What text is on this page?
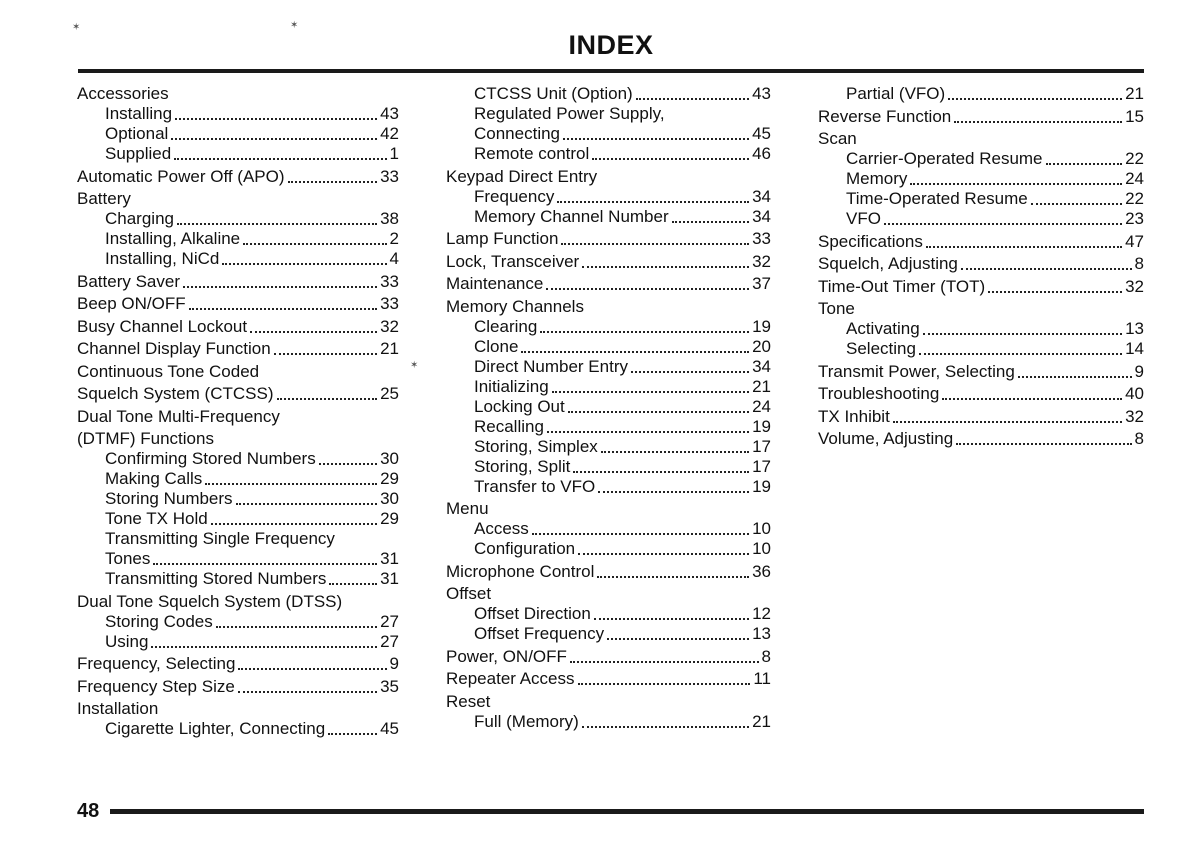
INDEX
Accessories
Installing	43
Optional	42
Supplied	1
Automatic Power Off (APO)	33
Battery
Charging	38
Installing, Alkaline	2
Installing, NiCd	4
Battery Saver	33
Beep ON/OFF	33
Busy Channel Lockout	32
Channel Display Function	21
Continuous Tone Coded
Squelch System (CTCSS)	25
Dual Tone Multi-Frequency
(DTMF) Functions
Confirming Stored Numbers	30
Making Calls	29
Storing Numbers	30
Tone TX Hold	29
Transmitting Single Frequency
Tones	31
Transmitting Stored Numbers	31
Dual Tone Squelch System (DTSS)
Storing Codes	27
Using	27
Frequency, Selecting	9
Frequency Step Size	35
Installation
Cigarette Lighter, Connecting	45
CTCSS Unit (Option)	43
Regulated Power Supply,
Connecting	45
Remote control	46
Keypad Direct Entry
Frequency	34
Memory Channel Number	34
Lamp Function	33
Lock, Transceiver	32
Maintenance	37
Memory Channels
Clearing	19
Clone	20
Direct Number Entry	34
Initializing	21
Locking Out	24
Recalling	19
Storing, Simplex	17
Storing, Split	17
Transfer to VFO	19
Menu
Access	10
Configuration	10
Microphone Control	36
Offset
Offset Direction	12
Offset Frequency	13
Power, ON/OFF	8
Repeater Access	11
Reset
Full (Memory)	21
Partial (VFO)	21
Reverse Function	15
Scan
Carrier-Operated Resume	22
Memory	24
Time-Operated Resume	22
VFO	23
Specifications	47
Squelch, Adjusting	8
Time-Out Timer (TOT)	32
Tone
Activating	13
Selecting	14
Transmit Power, Selecting	9
Troubleshooting	40
TX Inhibit	32
Volume, Adjusting	8
✶	✶
✶
48
